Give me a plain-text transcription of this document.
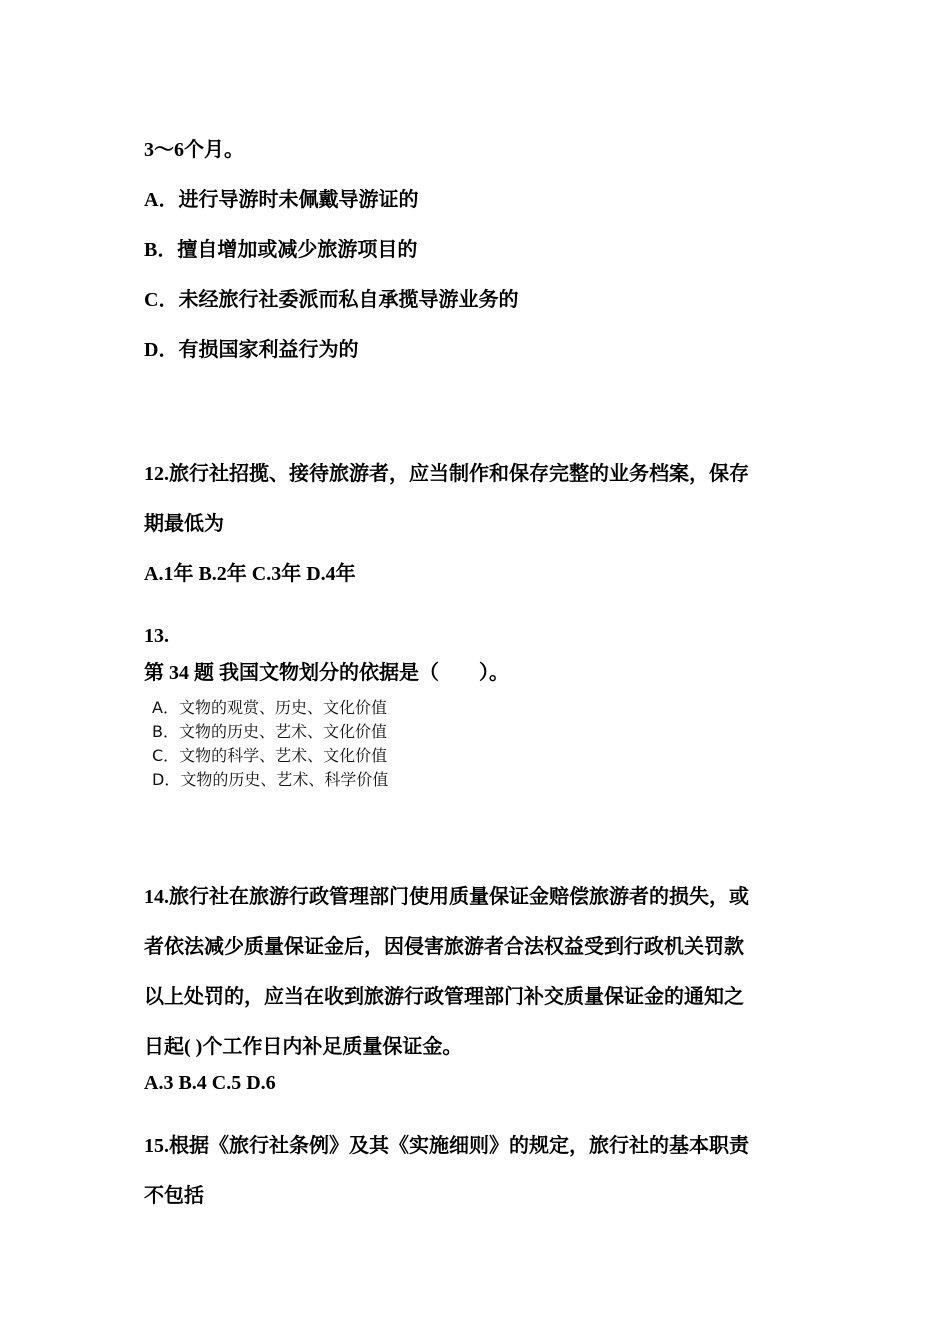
3～6个月。
A．进行导游时未佩戴导游证的
B．擅自增加或减少旅游项目的
C．未经旅行社委派而私自承揽导游业务的
D．有损国家利益行为的
12.旅行社招揽、接待旅游者，应当制作和保存完整的业务档案，保存
期最低为
A.1年 B.2年 C.3年 D.4年
13.
第 34 题 我国文物划分的依据是（　　）。
A．文物的观赏、历史、文化价值
B．文物的历史、艺术、文化价值
C．文物的科学、艺术、文化价值
D．文物的历史、艺术、科学价值
14.旅行社在旅游行政管理部门使用质量保证金赔偿旅游者的损失，或
者依法减少质量保证金后，因侵害旅游者合法权益受到行政机关罚款
以上处罚的，应当在收到旅游行政管理部门补交质量保证金的通知之
日起( )个工作日内补足质量保证金。
A.3 B.4 C.5 D.6
15.根据《旅行社条例》及其《实施细则》的规定，旅行社的基本职责
不包括
